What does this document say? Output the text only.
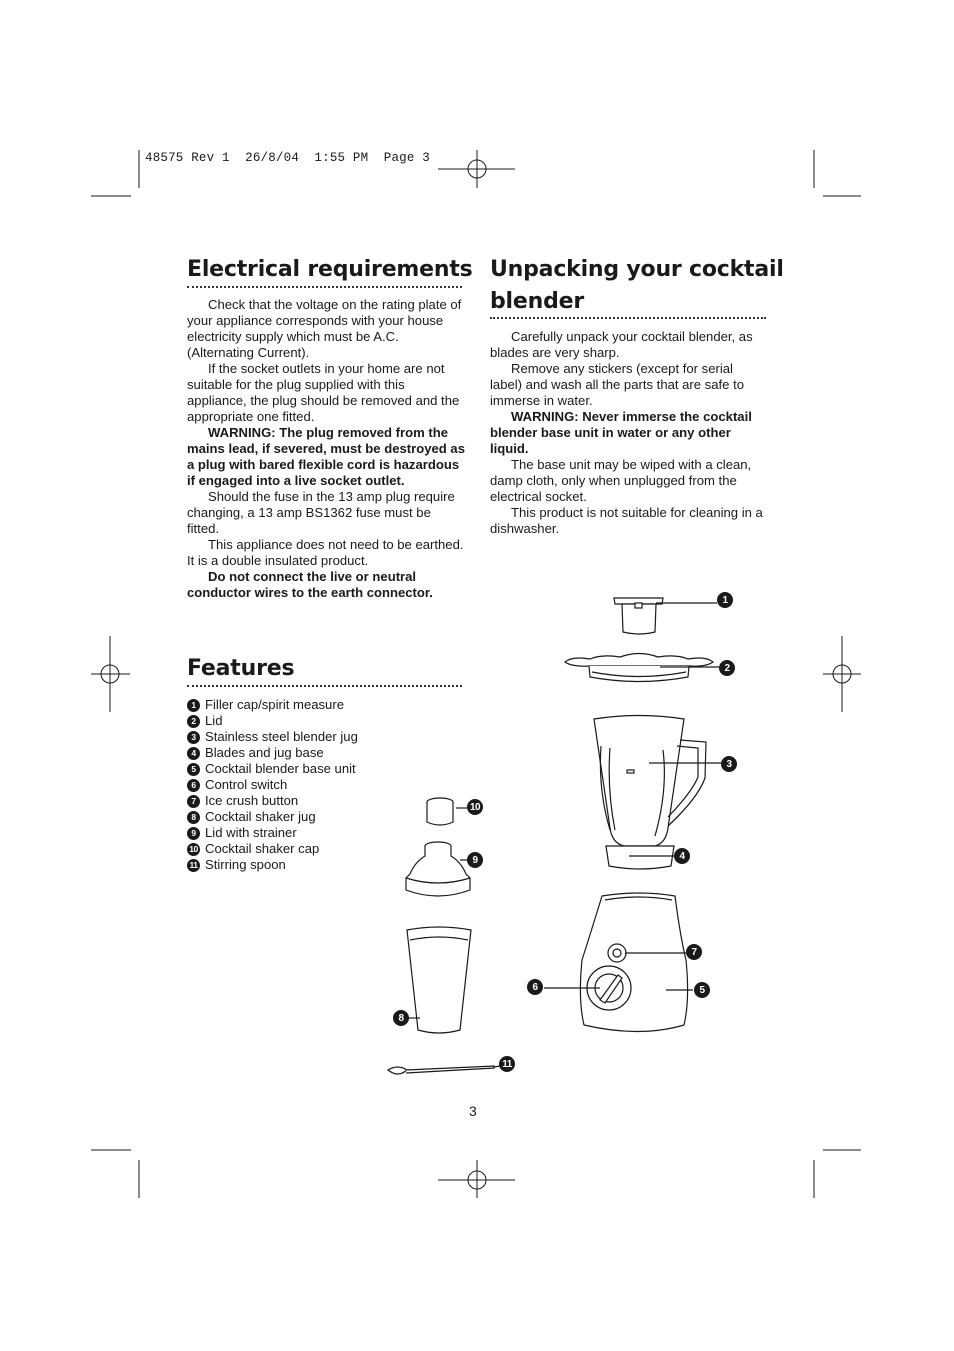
48575 Rev 1  26/8/04  1:55 PM  Page 3
Electrical requirements

Check that the voltage on the rating plate of your appliance corresponds with your house electricity supply which must be A.C. (Alternating Current).

If the socket outlets in your home are not suitable for the plug supplied with this appliance, the plug should be removed and the appropriate one fitted.

WARNING: The plug removed from the mains lead, if severed, must be destroyed as a plug with bared flexible cord is hazardous if engaged into a live socket outlet.

Should the fuse in the 13 amp plug require changing, a 13 amp BS1362 fuse must be fitted.

This appliance does not need to be earthed. It is a double insulated product.

Do not connect the live or neutral conductor wires to the earth connector.

Unpacking your cocktail
blender

Carefully unpack your cocktail blender, as blades are very sharp.

Remove any stickers (except for serial label) and wash all the parts that are safe to immerse in water.

WARNING: Never immerse the cocktail blender base unit in water or any other liquid.

The base unit may be wiped with a clean, damp cloth, only when unplugged from the electrical socket.

This product is not suitable for cleaning in a dishwasher.

Features
1 Filler cap/spirit measure
2 Lid
3 Stainless steel blender jug
4 Blades and jug base
5 Cocktail blender base unit
6 Control switch
7 Ice crush button
8 Cocktail shaker jug
9 Lid with strainer
10 Cocktail shaker cap
11 Stirring spoon
1
2
3
4
5
6
7
8
9
10
11
3
